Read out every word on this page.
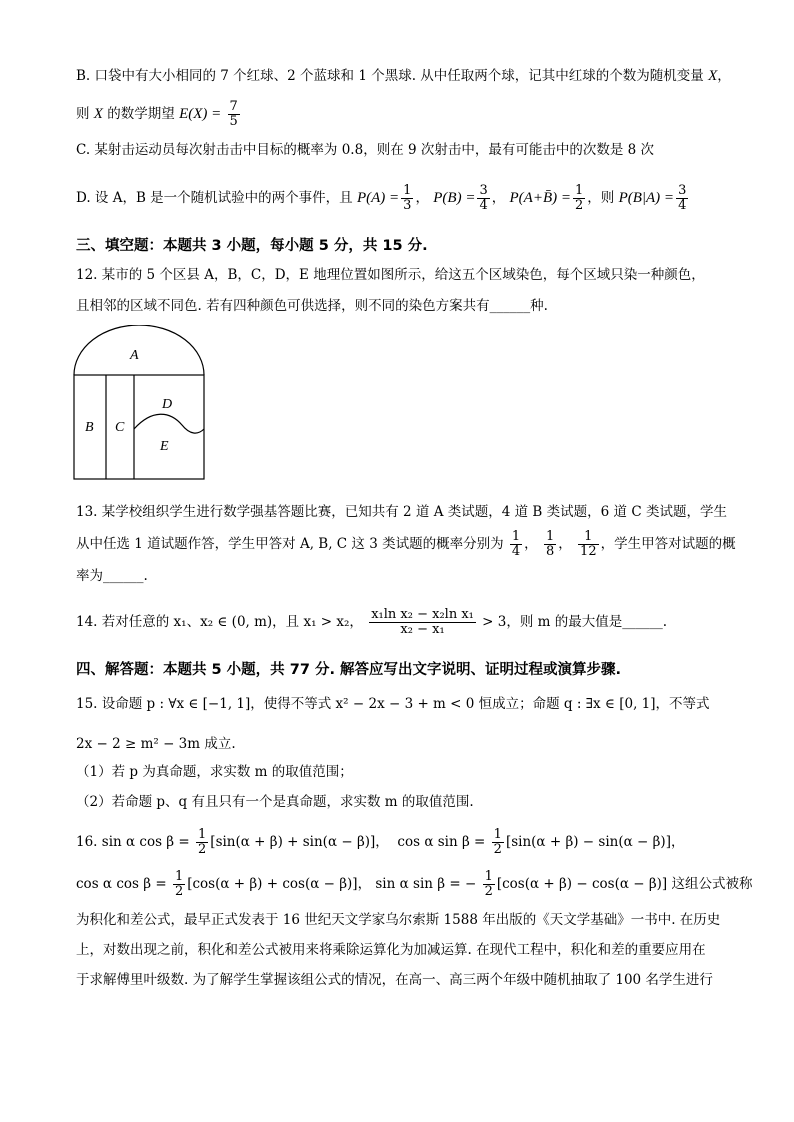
B. 口袋中有大小相同的 7 个红球、2 个蓝球和 1 个黑球. 从中任取两个球，记其中红球的个数为随机变量 X，
则 X 的数学期望 $E(X) = \frac{7}{5}$
C. 某射击运动员每次射击击中目标的概率为 0.8，则在 9 次射击中，最有可能击中的次数是 8 次
D. 设 A，B 是一个随机试验中的两个事件，且 $P(A) = \frac{1}{3}$ ， $P(B) = \frac{3}{4}$ ， P(A+B̄) = $\frac{1}{2}$ ，则 $P(B|A) = \frac{3}{4}$
三、填空题：本题共 3 小题，每小题 5 分，共 15 分.
12. 某市的 5 个区县 A，B，C，D，E 地理位置如图所示，给这五个区域染色，每个区域只染一种颜色，
且相邻的区域不同色. 若有四种颜色可供选择，则不同的染色方案共有______种.
A
B C
D
E
13. 某学校组织学生进行数学强基答题比赛，已知共有 2 道 A 类试题，4 道 B 类试题，6 道 C 类试题，学生
从中任选 1 道试题作答，学生甲答对 A, B, C 这 3 类试题的概率分别为 $\frac{1}{4}$ ， $\frac{1}{8}$ ， $\frac{1}{12}$ ，学生甲答对试题的概
率为______.
14. 若对任意的 x₁、x₂ ∈ (0, m)，且 x₁ > x₂， $\frac{\text{x₁ln x₂ − x₂ln x₁}}{\text{x₂ − x₁}} > 3$，则 m 的最大值是______.
四、解答题：本题共 5 小题，共 77 分. 解答应写出文字说明、证明过程或演算步骤.
15. 设命题 p : ∀x ∈ [−1, 1]，使得不等式 x² − 2x − 3 + m < 0 恒成立；命题 q : ∃x ∈ [0, 1]，不等式
2x − 2 ≥ m² − 3m 成立.
（1）若 p 为真命题，求实数 m 的取值范围；
（2）若命题 p、q 有且只有一个是真命题，求实数 m 的取值范围.
16. sin α $\cos \beta = \frac{1}{2} [\sin(\alpha + \beta) + \sin(\alpha - \beta)]$， cos α $\sin \beta = \frac{1}{2} [\sin(\alpha + \beta) - \sin(\alpha - \beta)]$，
cos α $\cos \beta = \frac{1}{2} [\cos(\alpha + \beta) + \cos(\alpha - \beta)]$， sin α sin β = − $\frac{1}{2} [\cos(\alpha + \beta) - \cos(\alpha - \beta)]$ 这组公式被称
为积化和差公式，最早正式发表于 16 世纪天文学家乌尔索斯 1588 年出版的《天文学基础》一书中. 在历史
上，对数出现之前，积化和差公式被用来将乘除运算化为加减运算. 在现代工程中，积化和差的重要应用在
于求解傅里叶级数. 为了解学生掌握该组公式的情况，在高一、高三两个年级中随机抽取了 100 名学生进行
